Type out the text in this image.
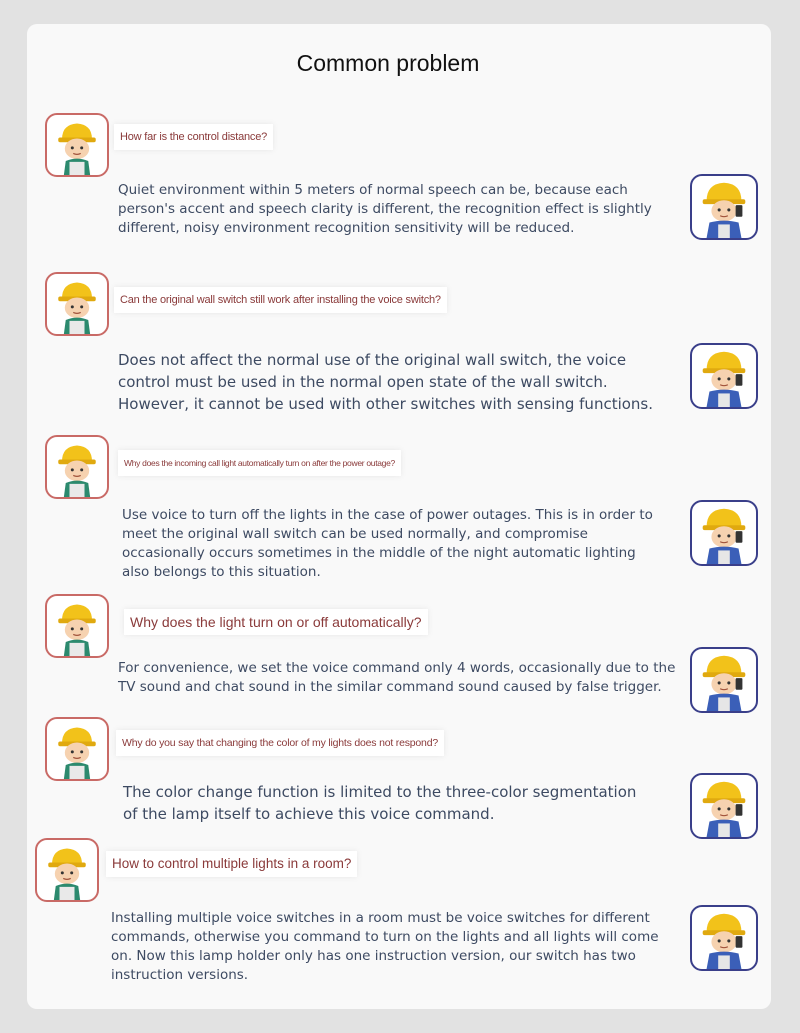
Common problem
How far is the control distance?
Quiet environment within 5 meters of normal speech can be, because each person's accent and speech clarity is different, the recognition effect is slightly different, noisy environment recognition sensitivity will be reduced.
Can the original wall switch still work after installing the voice switch?
Does not affect the normal use of the original wall switch, the voice control must be used in the normal open state of the wall switch. However, it cannot be used with other switches with sensing functions.
Why does the incoming call light automatically turn on after the power outage?
Use voice to turn off the lights in the case of power outages. This is in order to meet the original wall switch can be used normally, and compromise occasionally occurs sometimes in the middle of the night automatic lighting also belongs to this situation.
Why does the light turn on or off automatically?
For convenience, we set the voice command only 4 words, occasionally due to the TV sound and chat sound in the similar command sound caused by false trigger.
Why do you say that changing the color of my lights does not respond?
The color change function is limited to the three-color segmentation of the lamp itself to achieve this voice command.
How to control multiple lights in a room?
Installing multiple voice switches in a room must be voice switches for different commands, otherwise you command to turn on the lights and all lights will come on. Now this lamp holder only has one instruction version, our switch has two instruction versions.
